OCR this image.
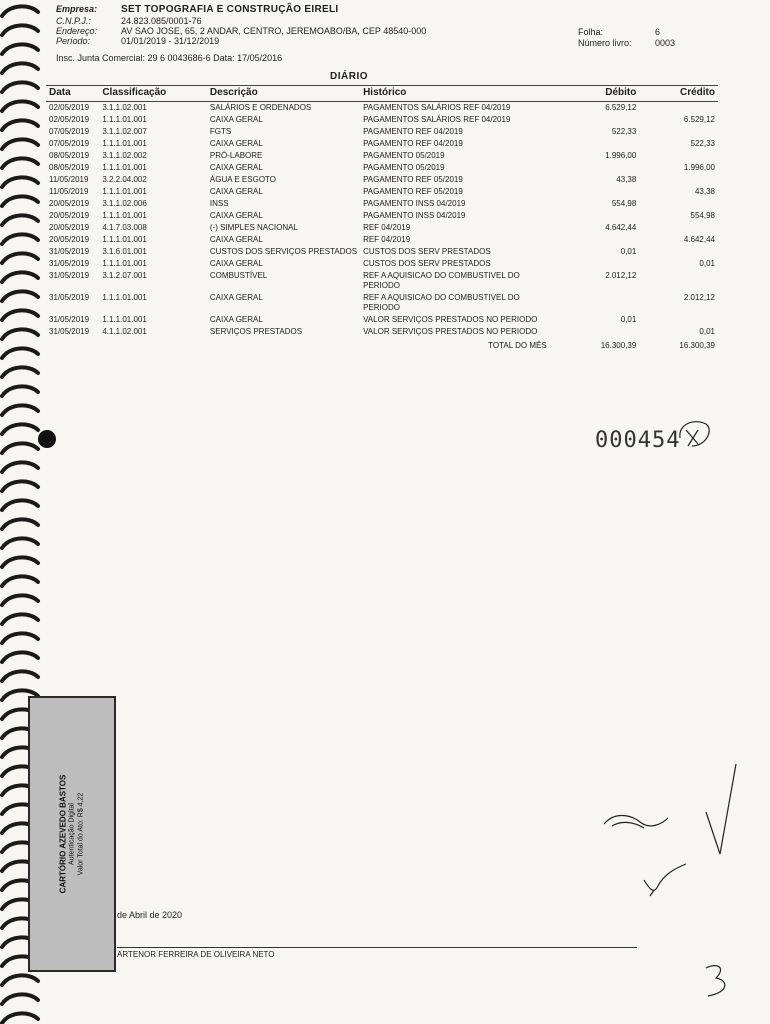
Empresa: SET TOPOGRAFIA E CONSTRUÇÃO EIRELI
C.N.P.J.:	24.823.085/0001-76
Endereço:	AV SAO JOSE, 65, 2 ANDAR, CENTRO, JEREMOABO/BA, CEP 48540-000
Período:	01/01/2019 - 31/12/2019
Insc. Junta Comercial: 29 6 0043686-6 Data: 17/05/2016
Folha:	6
Número livro:	0003
DIÁRIO
Data	Classificação	Descrição	Histórico	Débito	Crédito
02/05/2019	3.1.1.02.001	SALÁRIOS E ORDENADOS	PAGAMENTOS SALÁRIOS REF 04/2019	6.529,12	
02/05/2019	1.1.1.01.001	CAIXA GERAL	PAGAMENTOS SALÁRIOS REF 04/2019		6.529,12
07/05/2019	3.1.1.02.007	FGTS	PAGAMENTO REF 04/2019	522,33	
07/05/2019	1.1.1.01.001	CAIXA GERAL	PAGAMENTO REF 04/2019		522,33
08/05/2019	3.1.1.02.002	PRÓ-LABORE	PAGAMENTO 05/2019	1.996,00	
08/05/2019	1.1.1.01.001	CAIXA GERAL	PAGAMENTO 05/2019		1.996,00
11/05/2019	3.2.2.04.002	ÁGUA E ESGOTO	PAGAMENTO REF 05/2019	43,38	
11/05/2019	1.1.1.01.001	CAIXA GERAL	PAGAMENTO REF 05/2019		43,38
20/05/2019	3.1.1.02.006	INSS	PAGAMENTO INSS 04/2019	554,98	
20/05/2019	1.1.1.01.001	CAIXA GERAL	PAGAMENTO INSS 04/2019		554,98
20/05/2019	4.1.7.03.008	(-) SIMPLES NACIONAL	REF 04/2019	4.642,44	
20/05/2019	1.1.1.01.001	CAIXA GERAL	REF 04/2019		4.642,44
31/05/2019	3.1.6.01.001	CUSTOS DOS SERVIÇOS PRESTADOS	CUSTOS DOS SERV PRESTADOS	0,01	
31/05/2019	1.1.1.01.001	CAIXA GERAL	CUSTOS DOS SERV PRESTADOS		0,01
31/05/2019	3.1.2.07.001	COMBUSTÍVEL	REF A AQUISICAO DO COMBUSTIVEL DO PERIODO	2.012,12	
31/05/2019	1.1.1.01.001	CAIXA GERAL	REF A AQUISICAO DO COMBUSTIVEL DO PERIODO		2.012,12
31/05/2019	1.1.1.01.001	CAIXA GERAL	VALOR SERVIÇOS PRESTADOS NO PERIODO	0,01	
31/05/2019	4.1.1.02.001	SERVIÇOS PRESTADOS	VALOR SERVIÇOS PRESTADOS NO PERIODO		0,01
			TOTAL DO MÊS	16.300,39	16.300,39
000454
CARTÓRIO AZEVEDO BASTOS Autenticação Digital Valor Total do Ato: R$ 4,22
de Abril de 2020
ARTENOR FERREIRA DE OLIVEIRA NETO
